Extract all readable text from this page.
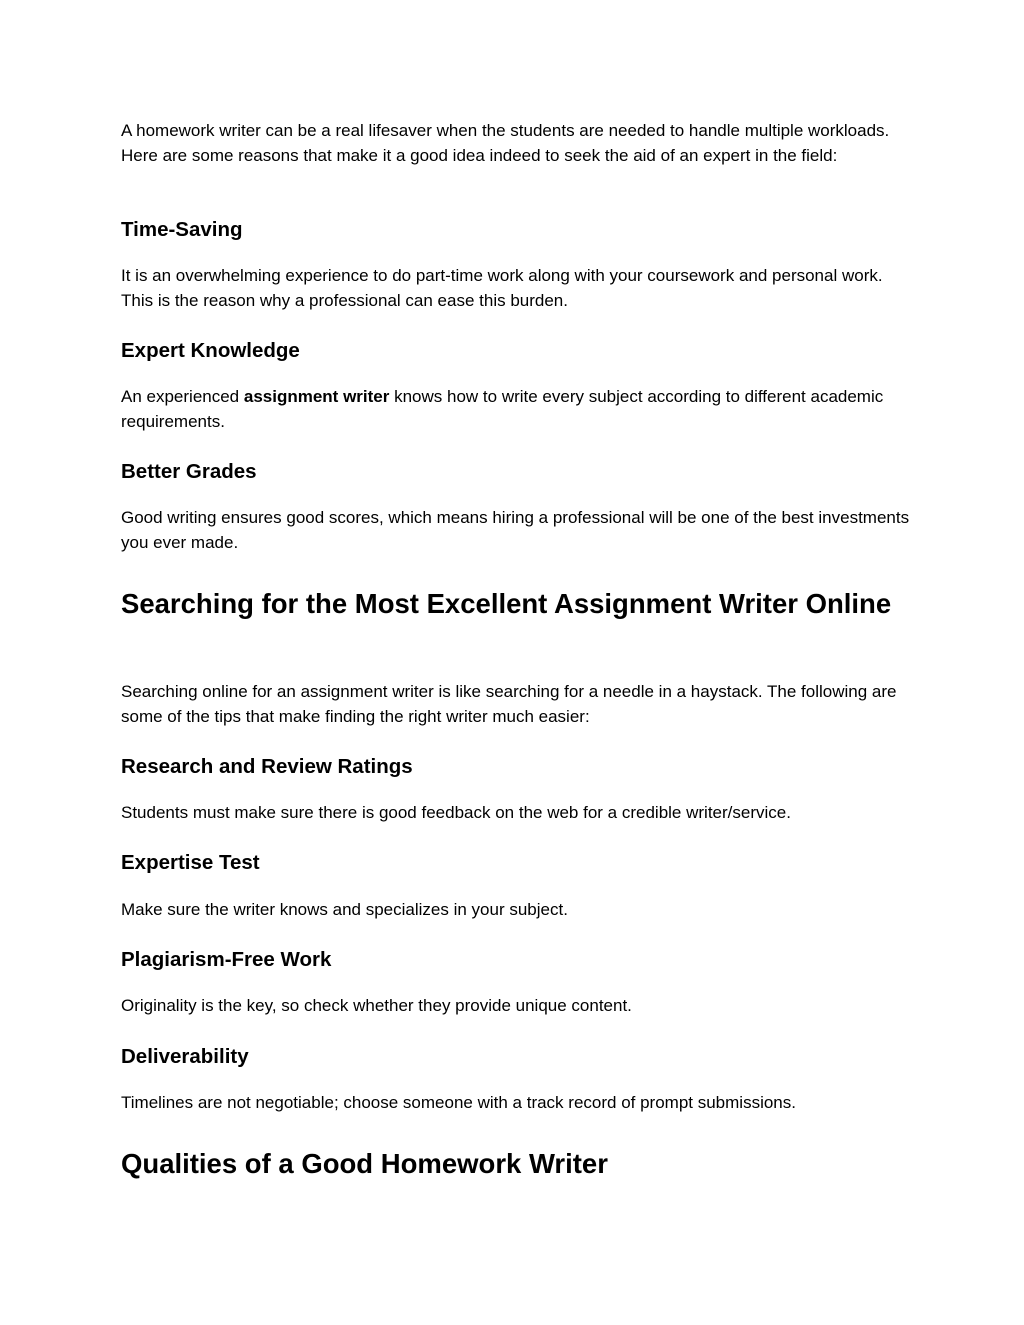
A homework writer can be a real lifesaver when the students are needed to handle multiple workloads. Here are some reasons that make it a good idea indeed to seek the aid of an expert in the field:

Time-Saving

It is an overwhelming experience to do part-time work along with your coursework and personal work. This is the reason why a professional can ease this burden.

Expert Knowledge

An experienced assignment writer knows how to write every subject according to different academic requirements.

Better Grades

Good writing ensures good scores, which means hiring a professional will be one of the best investments you ever made.

Searching for the Most Excellent Assignment Writer Online

Searching online for an assignment writer is like searching for a needle in a haystack. The following are some of the tips that make finding the right writer much easier:

Research and Review Ratings

Students must make sure there is good feedback on the web for a credible writer/service.

Expertise Test

Make sure the writer knows and specializes in your subject.

Plagiarism-Free Work

Originality is the key, so check whether they provide unique content.

Deliverability

Timelines are not negotiable; choose someone with a track record of prompt submissions.

Qualities of a Good Homework Writer
